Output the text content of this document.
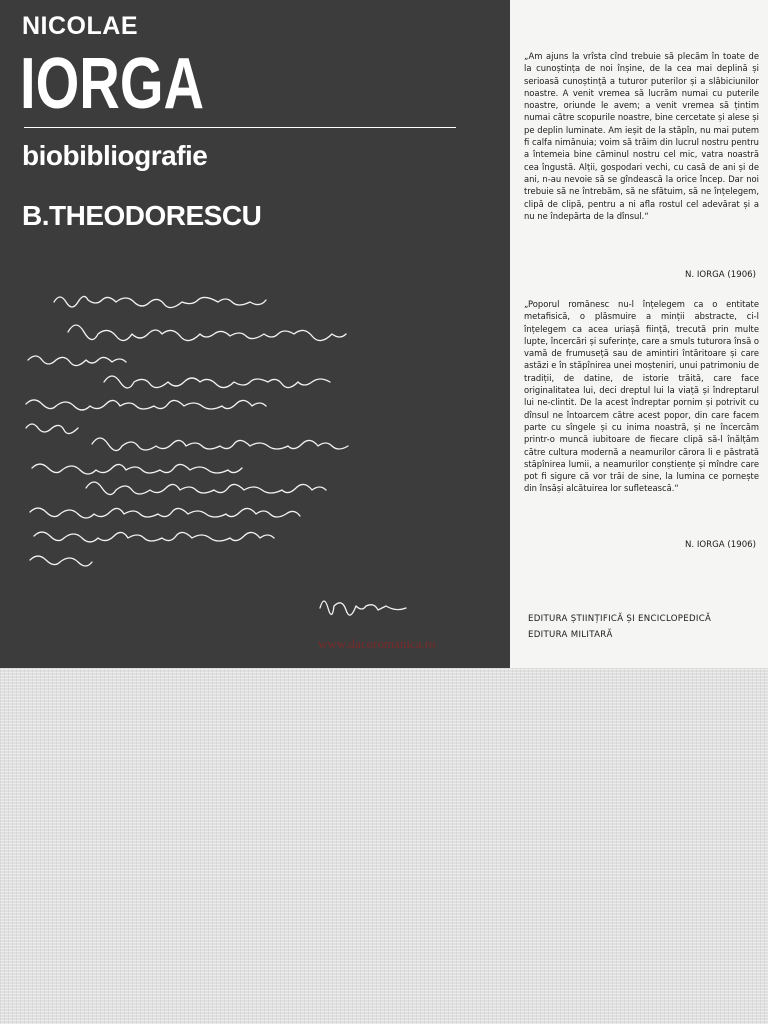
NICOLAE
IORGA
biobibliografie
B.THEODORESCU
www.dacoromanica.ro
„Am ajuns la vrîsta cînd trebuie să plecăm în toate de la cunoștința de noi înșine, de la cea mai deplină și serioasă cunoștință a tuturor puterilor și a slăbiciunilor noastre. A venit vremea să lucrăm numai cu puterile noastre, oriunde le avem; a venit vremea să țintim numai către scopurile noastre, bine cercetate și alese și pe deplin luminate. Am ieșit de la stăpîn, nu mai putem fi calfa nimănuia; voim să trăim din lucrul nostru pentru a întemeia bine căminul nostru cel mic, vatra noastră cea îngustă. Alții, gospodari vechi, cu casă de ani și de ani, n-au nevoie să se gîndească la orice încep. Dar noi trebuie să ne întrebăm, să ne sfătuim, să ne înțelegem, clipă de clipă, pentru a ni afla rostul cel adevărat și a nu ne îndepărta de la dînsul.“
N. IORGA (1906)
„Poporul romănesc nu-l înțelegem ca o entitate metafisică, o plăsmuire a minții abstracte, ci-l înțelegem ca acea uriașă ființă, trecută prin multe lupte, încercări și suferințe, care a smuls tuturora însă o vamă de frumuseță sau de amintiri întăritoare și care astăzi e în stăpînirea unei moșteniri, unui patrimoniu de tradiții, de datine, de istorie trăită, care face originalitatea lui, deci dreptul lui la viață și îndreptarul lui ne-clintit. De la acest îndreptar pornim și potrivit cu dînsul ne întoarcem către acest popor, din care facem parte cu sîngele și cu inima noastră, și ne încercăm printr-o muncă iubitoare de fiecare clipă să-l înălțăm către cultura modernă a neamurilor cărora li e păstrată stăpînirea lumii, a neamurilor conștiențe și mîndre care pot fi sigure că vor trăi de sine, la lumina ce pornește din însăși alcătuirea lor sufletească.“
N. IORGA (1906)
EDITURA ȘTIINȚIFICĂ ȘI ENCICLOPEDICĂ
EDITURA MILITARĂ
